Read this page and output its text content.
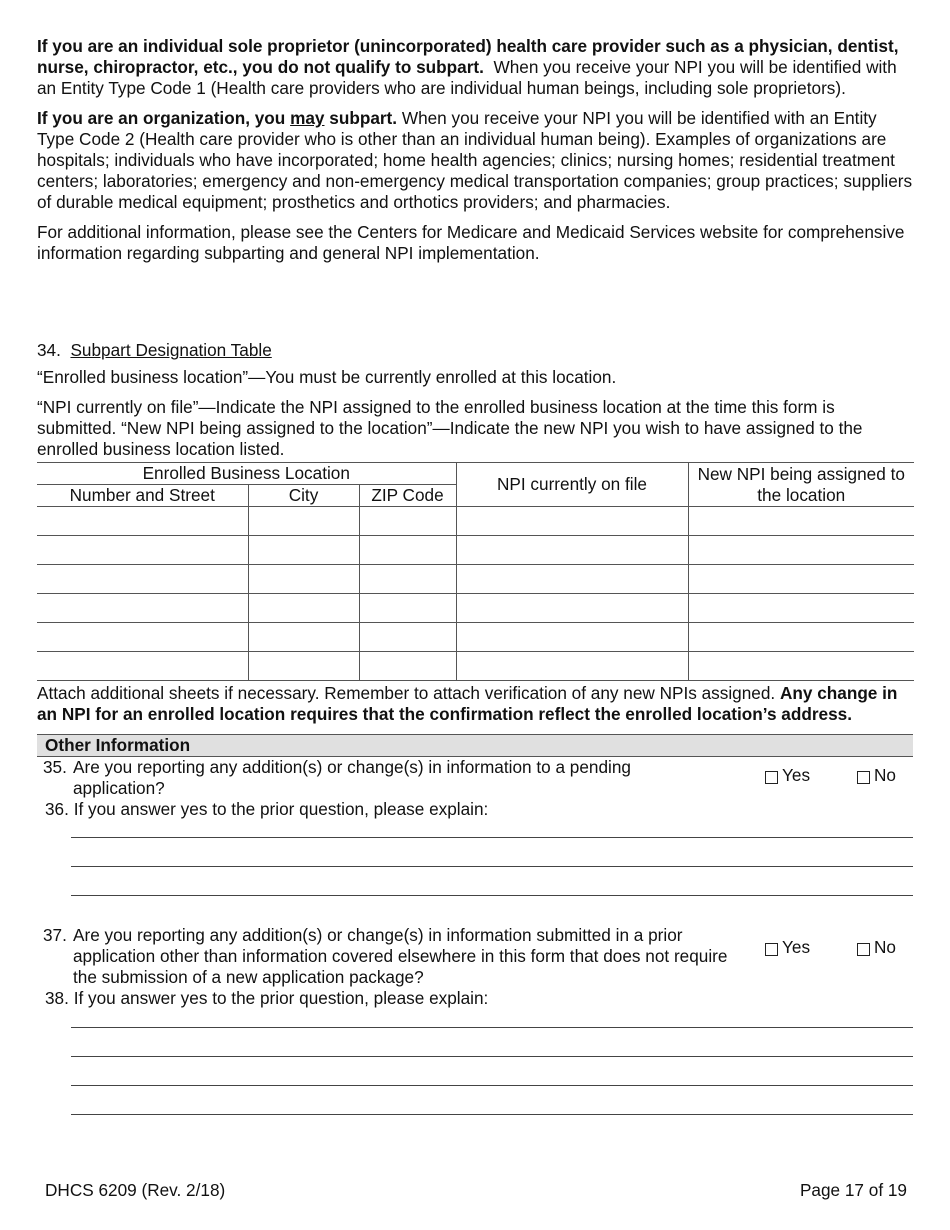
If you are an individual sole proprietor (unincorporated) health care provider such as a physician, dentist, nurse, chiropractor, etc., you do not qualify to subpart. When you receive your NPI you will be identified with an Entity Type Code 1 (Health care providers who are individual human beings, including sole proprietors).

If you are an organization, you may subpart. When you receive your NPI you will be identified with an Entity Type Code 2 (Health care provider who is other than an individual human being). Examples of organizations are hospitals; individuals who have incorporated; home health agencies; clinics; nursing homes; residential treatment centers; laboratories; emergency and non-emergency medical transportation companies; group practices; suppliers of durable medical equipment; prosthetics and orthotics providers; and pharmacies.

For additional information, please see the Centers for Medicare and Medicaid Services website for comprehensive information regarding subparting and general NPI implementation.

34. Subpart Designation Table

“Enrolled business location”—You must be currently enrolled at this location.

“NPI currently on file”—Indicate the NPI assigned to the enrolled business location at the time this form is submitted. “New NPI being assigned to the location”—Indicate the new NPI you wish to have assigned to the enrolled business location listed.

Enrolled Business Location			NPI currently on file	New NPI being assigned to the location
Number and Street	City	ZIP Code		

Attach additional sheets if necessary. Remember to attach verification of any new NPIs assigned. Any change in an NPI for an enrolled location requires that the confirmation reflect the enrolled location’s address.

Other Information
35. Are you reporting any addition(s) or change(s) in information to a pending application?
Yes	No
36. If you answer yes to the prior question, please explain:
37. Are you reporting any addition(s) or change(s) in information submitted in a prior application other than information covered elsewhere in this form that does not require the submission of a new application package?
Yes	No
38. If you answer yes to the prior question, please explain:
DHCS 6209 (Rev. 2/18)	Page 17 of 19
